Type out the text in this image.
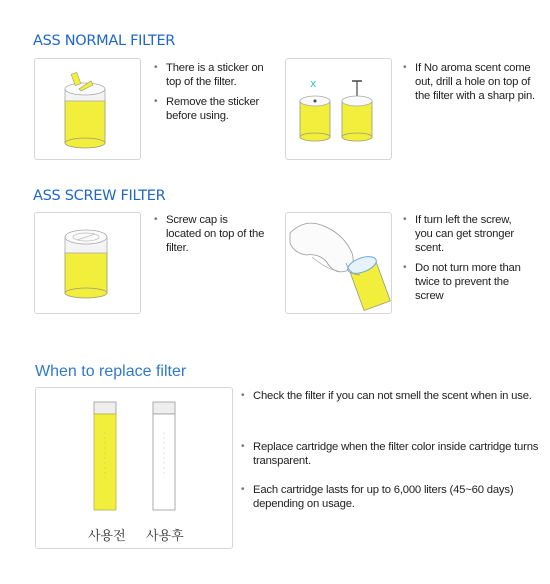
ASS NORMAL FILTER
• There is a sticker on top of the filter.
• Remove the sticker before using.
x
• If No aroma scent come out, drill a hole on top of the filter with a sharp pin.
ASS SCREW FILTER
• Screw cap is located on top of the filter.
• If turn left the screw, you can get stronger scent.
• Do not turn more than twice to prevent the screw
When to replace filter
사용전 사용후
• Check the filter if you can not smell the scent when in use.
• Replace cartridge when the filter color inside cartridge turns transparent.
• Each cartridge lasts for up to 6,000 liters (45~60 days) depending on usage.
